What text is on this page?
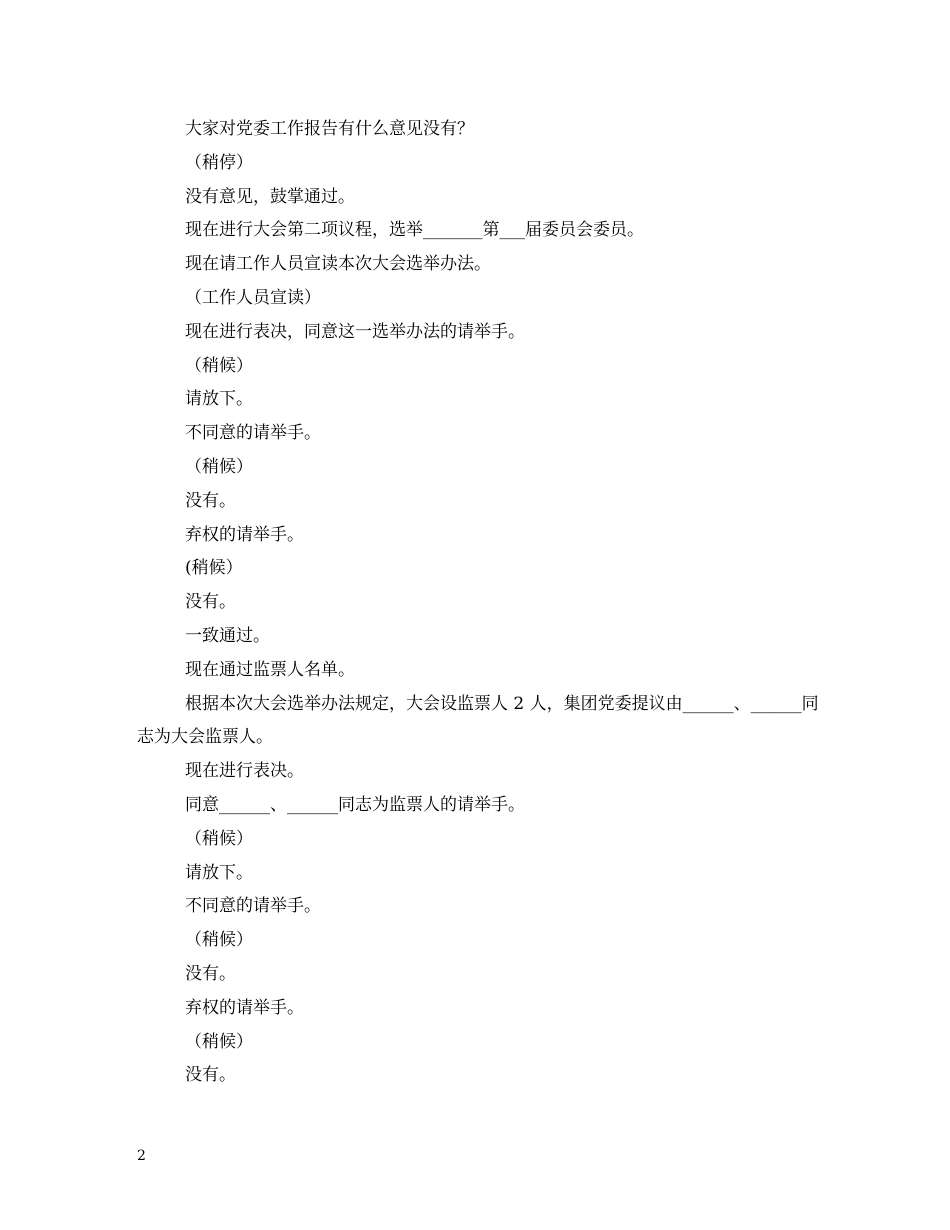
大家对党委工作报告有什么意见没有？

（稍停）

没有意见，鼓掌通过。

现在进行大会第二项议程，选举_______第___届委员会委员。

现在请工作人员宣读本次大会选举办法。

（工作人员宣读）

现在进行表决，同意这一选举办法的请举手。

（稍候）

请放下。

不同意的请举手。

（稍候）

没有。

弃权的请举手。

(稍候）

没有。

一致通过。

现在通过监票人名单。

根据本次大会选举办法规定，大会设监票人 2 人，集团党委提议由______、______同志为大会监票人。

现在进行表决。

同意______、______同志为监票人的请举手。

（稍候）

请放下。

不同意的请举手。

（稍候）

没有。

弃权的请举手。

（稍候）

没有。

2
